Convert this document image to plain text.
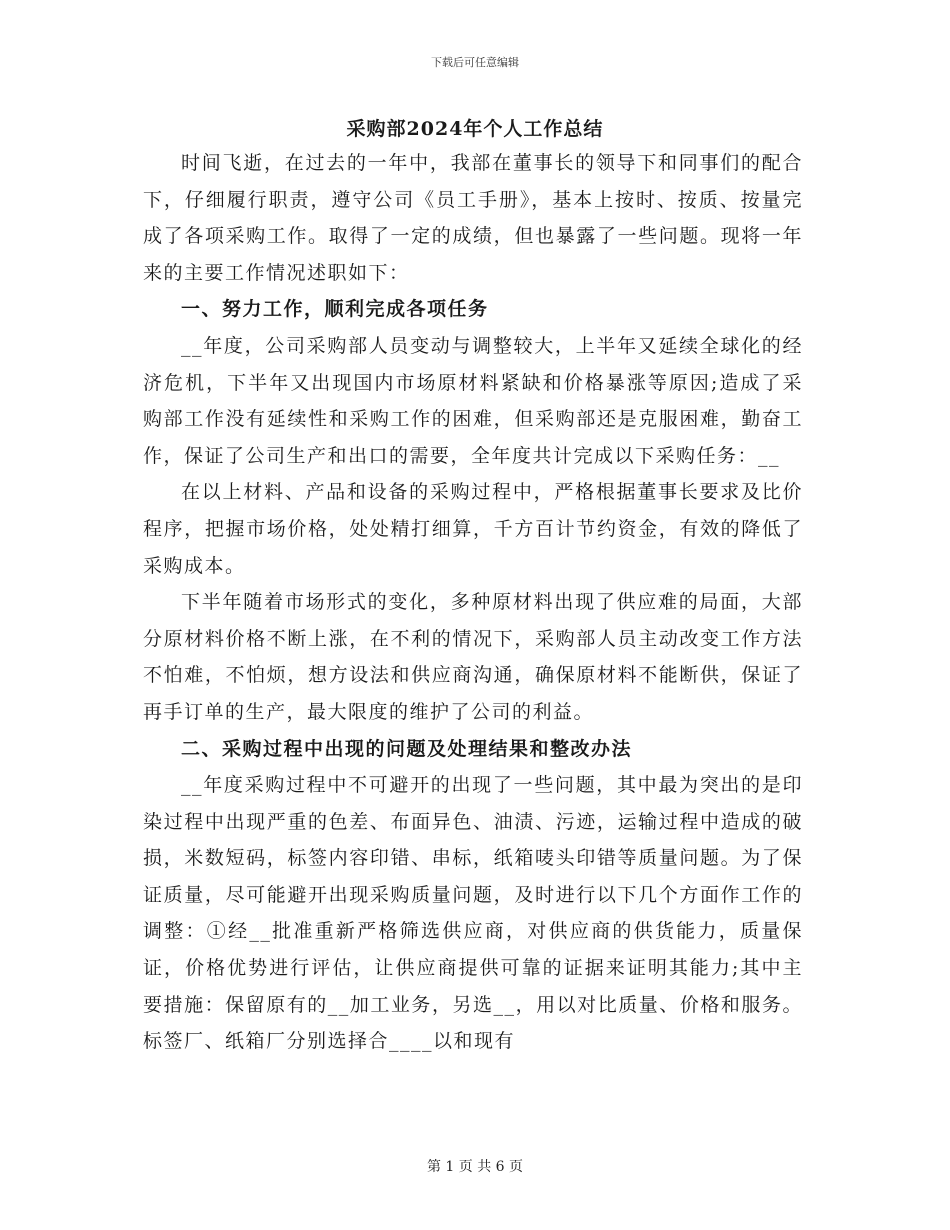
下载后可任意编辑
采购部2024年个人工作总结

时间飞逝，在过去的一年中，我部在董事长的领导下和同事们的配合下，仔细履行职责，遵守公司《员工手册》，基本上按时、按质、按量完成了各项采购工作。取得了一定的成绩，但也暴露了一些问题。现将一年来的主要工作情况述职如下：

一、努力工作，顺利完成各项任务

__年度，公司采购部人员变动与调整较大，上半年又延续全球化的经济危机，下半年又出现国内市场原材料紧缺和价格暴涨等原因;造成了采购部工作没有延续性和采购工作的困难，但采购部还是克服困难，勤奋工作，保证了公司生产和出口的需要，全年度共计完成以下采购任务：__

在以上材料、产品和设备的采购过程中，严格根据董事长要求及比价程序，把握市场价格，处处精打细算，千方百计节约资金，有效的降低了采购成本。

下半年随着市场形式的变化，多种原材料出现了供应难的局面，大部分原材料价格不断上涨，在不利的情况下，采购部人员主动改变工作方法不怕难，不怕烦，想方设法和供应商沟通，确保原材料不能断供，保证了再手订单的生产，最大限度的维护了公司的利益。

二、采购过程中出现的问题及处理结果和整改办法

__年度采购过程中不可避开的出现了一些问题，其中最为突出的是印染过程中出现严重的色差、布面异色、油渍、污迹，运输过程中造成的破损，米数短码，标签内容印错、串标，纸箱唛头印错等质量问题。为了保证质量，尽可能避开出现采购质量问题，及时进行以下几个方面作工作的调整：①经__批准重新严格筛选供应商，对供应商的供货能力，质量保证，价格优势进行评估，让供应商提供可靠的证据来证明其能力;其中主要措施：保留原有的__加工业务，另选__，用以对比质量、价格和服务。标签厂、纸箱厂分别选择合____以和现有

第 1 页 共 6 页
